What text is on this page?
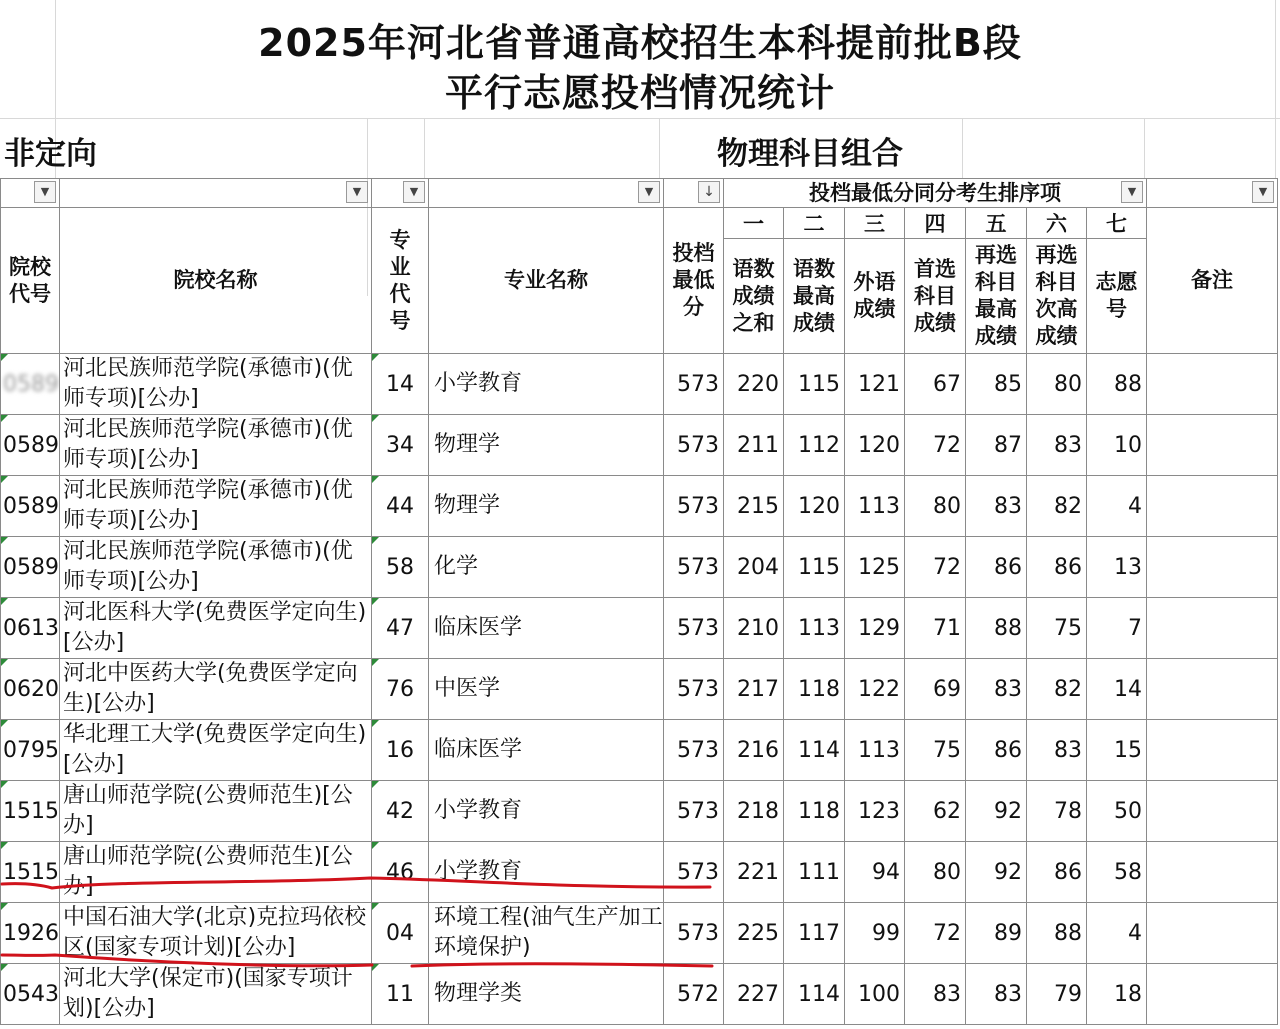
2025年河北省普通高校招生本科提前批B段
平行志愿投档情况统计
非定向	物理科目组合
▼	▼	▼	▼	↓	投档最低分同分考生排序项 ▼							▼

院校代号	院校名称	专业代号	专业名称	投档最低分	一	二	三	四	五	六	七	备注
					语数成绩之和	语数最高成绩	外语成绩	首选科目成绩	再选科目最高成绩	再选科目次高成绩	志愿号	

0589	河北民族师范学院(承德市)(优师专项)[公办]	14	小学教育	573	220	115	121	67	85	80	88	

0589	河北民族师范学院(承德市)(优师专项)[公办]	34	物理学	573	211	112	120	72	87	83	10	

0589	河北民族师范学院(承德市)(优师专项)[公办]	44	物理学	573	215	120	113	80	83	82	4	

0589	河北民族师范学院(承德市)(优师专项)[公办]	58	化学	573	204	115	125	72	86	86	13	

0613	河北医科大学(免费医学定向生)[公办]	47	临床医学	573	210	113	129	71	88	75	7	

0620	河北中医药大学(免费医学定向生)[公办]	76	中医学	573	217	118	122	69	83	82	14	

0795	华北理工大学(免费医学定向生)[公办]	16	临床医学	573	216	114	113	75	86	83	15	

1515	唐山师范学院(公费师范生)[公办]	42	小学教育	573	218	118	123	62	92	78	50	

1515	唐山师范学院(公费师范生)[公办]	46	小学教育	573	221	111	94	80	92	86	58	

1926	中国石油大学(北京)克拉玛依校区(国家专项计划)[公办]	04	环境工程(油气生产加工环境保护)	573	225	117	99	72	89	88	4	

0543	河北大学(保定市)(国家专项计划)[公办]	11	物理学类	572	227	114	100	83	83	79	18	
